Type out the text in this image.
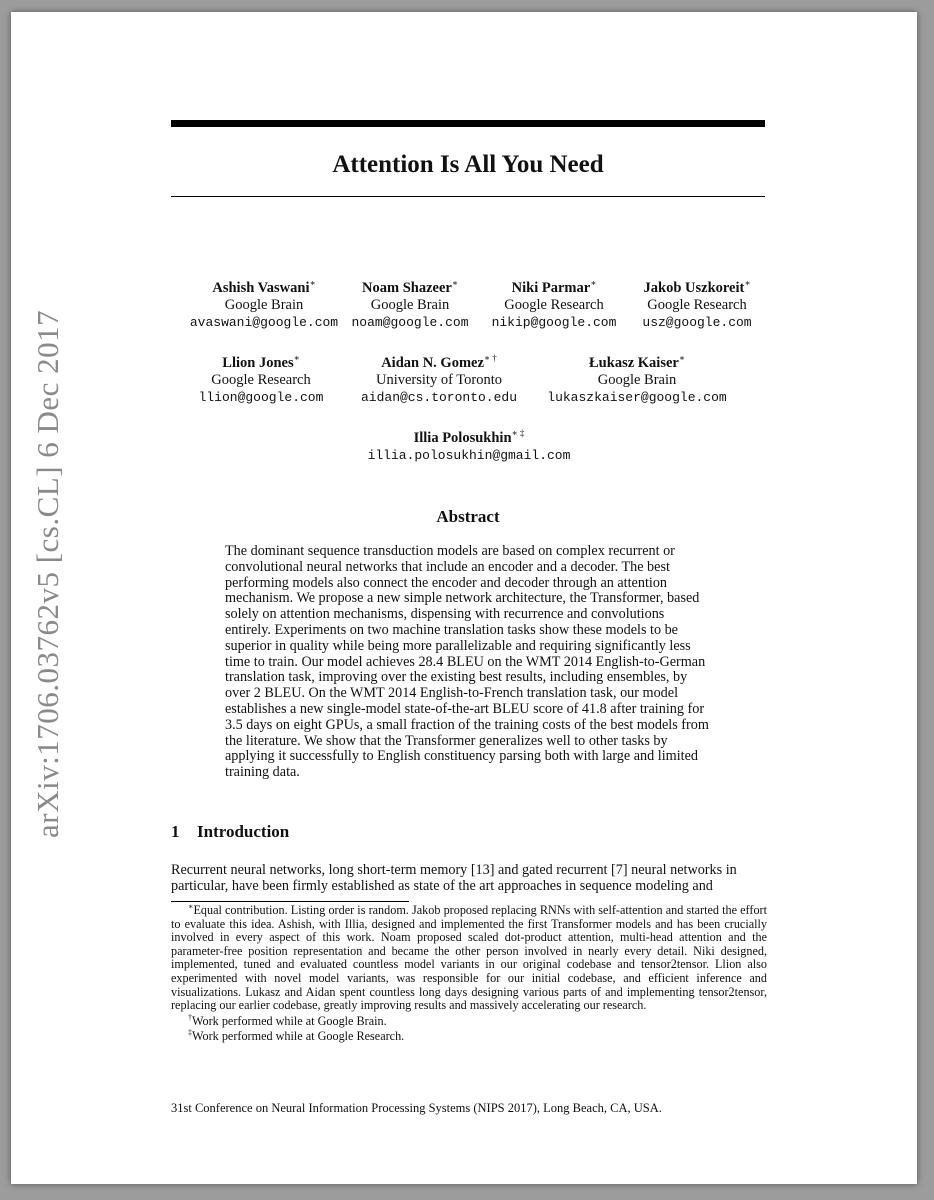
arXiv:1706.03762v5 [cs.CL] 6 Dec 2017
Attention Is All You Need
Ashish Vaswani∗
Google Brain
avaswani@google.com
Noam Shazeer∗
Google Brain
noam@google.com
Niki Parmar∗
Google Research
nikip@google.com
Jakob Uszkoreit∗
Google Research
usz@google.com
Llion Jones∗
Google Research
llion@google.com
Aidan N. Gomez∗ †
University of Toronto
aidan@cs.toronto.edu
Łukasz Kaiser∗
Google Brain
lukaszkaiser@google.com
Illia Polosukhin∗ ‡
illia.polosukhin@gmail.com
Abstract
The dominant sequence transduction models are based on complex recurrent or convolutional neural networks that include an encoder and a decoder. The best performing models also connect the encoder and decoder through an attention mechanism. We propose a new simple network architecture, the Transformer, based solely on attention mechanisms, dispensing with recurrence and convolutions entirely. Experiments on two machine translation tasks show these models to be superior in quality while being more parallelizable and requiring significantly less time to train. Our model achieves 28.4 BLEU on the WMT 2014 English-to-German translation task, improving over the existing best results, including ensembles, by over 2 BLEU. On the WMT 2014 English-to-French translation task, our model establishes a new single-model state-of-the-art BLEU score of 41.8 after training for 3.5 days on eight GPUs, a small fraction of the training costs of the best models from the literature. We show that the Transformer generalizes well to other tasks by applying it successfully to English constituency parsing both with large and limited training data.
1 Introduction
Recurrent neural networks, long short-term memory [13] and gated recurrent [7] neural networks in particular, have been firmly established as state of the art approaches in sequence modeling and

∗Equal contribution. Listing order is random. Jakob proposed replacing RNNs with self-attention and started the effort to evaluate this idea. Ashish, with Illia, designed and implemented the first Transformer models and has been crucially involved in every aspect of this work. Noam proposed scaled dot-product attention, multi-head attention and the parameter-free position representation and became the other person involved in nearly every detail. Niki designed, implemented, tuned and evaluated countless model variants in our original codebase and tensor2tensor. Llion also experimented with novel model variants, was responsible for our initial codebase, and efficient inference and visualizations. Lukasz and Aidan spent countless long days designing various parts of and implementing tensor2tensor, replacing our earlier codebase, greatly improving results and massively accelerating our research.

†Work performed while at Google Brain.

‡Work performed while at Google Research.

31st Conference on Neural Information Processing Systems (NIPS 2017), Long Beach, CA, USA.
